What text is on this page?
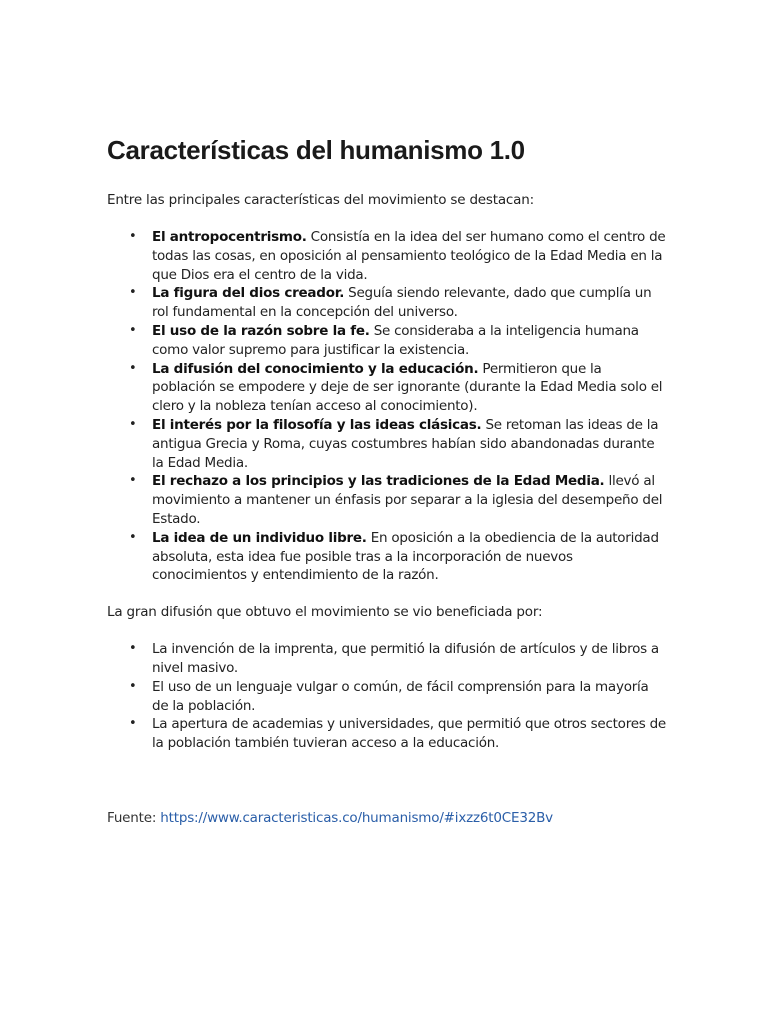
Características del humanismo 1.0

Entre las principales características del movimiento se destacan:

• El antropocentrismo. Consistía en la idea del ser humano como el centro de todas las cosas, en oposición al pensamiento teológico de la Edad Media en la que Dios era el centro de la vida.
• La figura del dios creador. Seguía siendo relevante, dado que cumplía un rol fundamental en la concepción del universo.
• El uso de la razón sobre la fe. Se consideraba a la inteligencia humana como valor supremo para justificar la existencia.
• La difusión del conocimiento y la educación. Permitieron que la población se empodere y deje de ser ignorante (durante la Edad Media solo el clero y la nobleza tenían acceso al conocimiento).
• El interés por la filosofía y las ideas clásicas. Se retoman las ideas de la antigua Grecia y Roma, cuyas costumbres habían sido abandonadas durante la Edad Media.
• El rechazo a los principios y las tradiciones de la Edad Media. llevó al movimiento a mantener un énfasis por separar a la iglesia del desempeño del Estado.
• La idea de un individuo libre. En oposición a la obediencia de la autoridad absoluta, esta idea fue posible tras a la incorporación de nuevos conocimientos y entendimiento de la razón.

La gran difusión que obtuvo el movimiento se vio beneficiada por:

• La invención de la imprenta, que permitió la difusión de artículos y de libros a nivel masivo.
• El uso de un lenguaje vulgar o común, de fácil comprensión para la mayoría de la población.
• La apertura de academias y universidades, que permitió que otros sectores de la población también tuvieran acceso a la educación.

Fuente: https://www.caracteristicas.co/humanismo/#ixzz6t0CE32Bv
